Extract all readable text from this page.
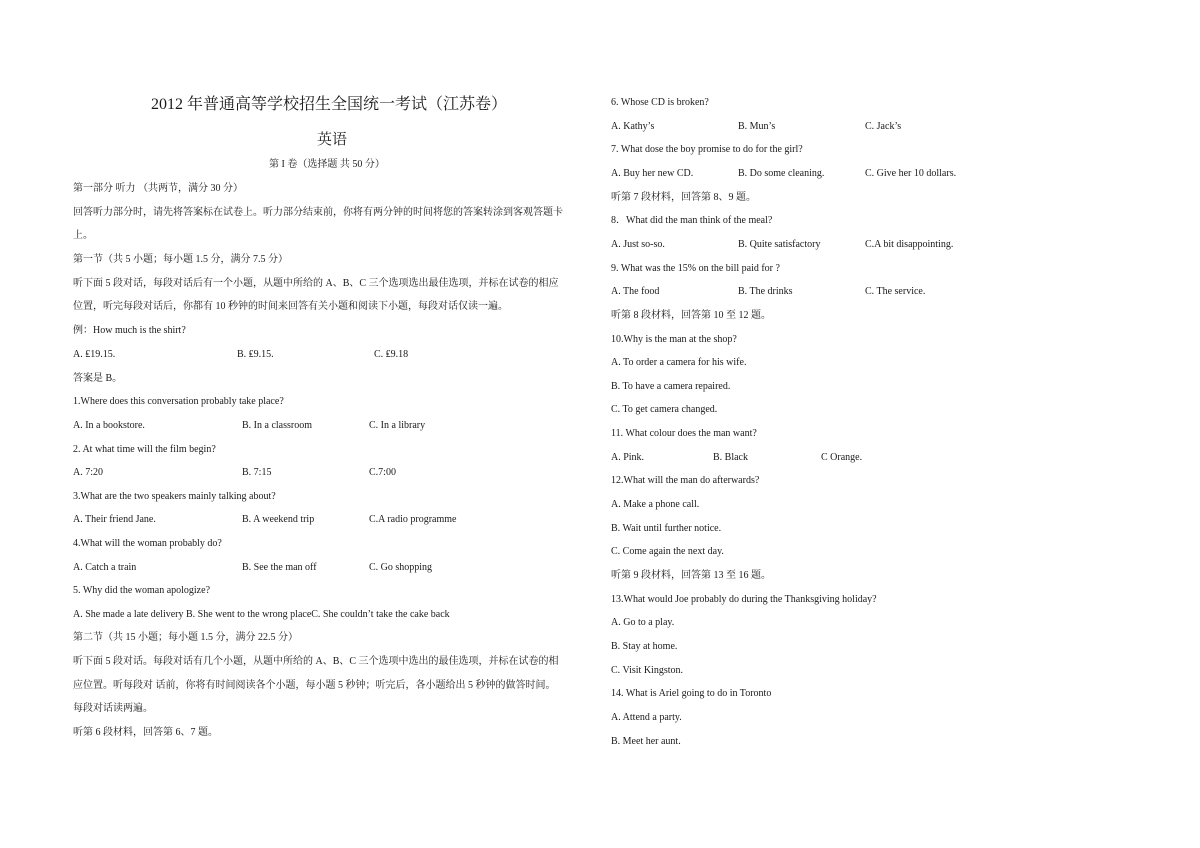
2012 年普通高等学校招生全国统一考试（江苏卷）
英语
第 I 卷（选择题 共 50 分）
第一部分 听力 （共两节，满分 30 分）
回答听力部分时，请先将答案标在试卷上。听力部分结束前，你将有两分钟的时间将您的答案转涂到客观答题卡
上。
第一节（共 5 小题；每小题 1.5 分，满分 7.5 分）
听下面 5 段对话，每段对话后有一个小题，从题中所给的 A、B、C 三个选项选出最佳选项，并标在试卷的相应
位置，听完每段对话后，你都有 10 秒钟的时间来回答有关小题和阅读下小题，每段对话仅读一遍。
例：How much is the shirt?
A. ₤19.15.	B. ₤9.15.	C. ₤9.18
答案是 B。
1.Where does this conversation probably take place?
A. In a bookstore.	B. In a classroom	C. In a library
2. At what time will the film begin?
A. 7:20	B. 7:15	C.7:00
3.What are the two speakers mainly talking about?
A. Their friend Jane.	B. A weekend trip	C.A radio programme
4.What will the woman probably do?
A. Catch a train	B. See the man off	C. Go shopping
5. Why did the woman apologize?
A. She made a late delivery B. She went to the wrong placeC. She couldn’t take the cake back
第二节（共 15 小题；每小题 1.5 分，满分 22.5 分）
听下面 5 段对话。每段对话有几个小题，从题中所给的 A、B、C 三个选项中选出的最佳选项，并标在试卷的相
应位置。听每段对 话前，你将有时间阅读各个小题，每小题 5 秒钟；听完后，各小题给出 5 秒钟的做答时间。
每段对话读两遍。
听第 6 段材料，回答第 6、7 题。
6. Whose CD is broken?
A. Kathy’s	B. Mun’s	C. Jack’s
7. What dose the boy promise to do for the girl?
A. Buy her new CD.	B. Do some cleaning.	C. Give her 10 dollars.
听第 7 段材料，回答第 8、9 题。
8．What did the man think of the meal?
A. Just so-so.	B. Quite satisfactory	C.A bit disappointing.
9. What was the 15% on the bill paid for ?
A. The food	B. The drinks	C. The service.
听第 8 段材料，回答第 10 至 12 题。
10.Why is the man at the shop?
A. To order a camera for his wife.
B. To have a camera repaired.
C. To get camera changed.
11. What colour does the man want?
A. Pink.	B. Black	C Orange.
12.What will the man do afterwards?
A. Make a phone call.
B. Wait until further notice.
C. Come again the next day.
听第 9 段材料，回答第 13 至 16 题。
13.What would Joe probably do during the Thanksgiving holiday?
A. Go to a play.
B. Stay at home.
C. Visit Kingston.
14. What is Ariel going to do in Toronto
A. Attend a party.
B. Meet her aunt.
